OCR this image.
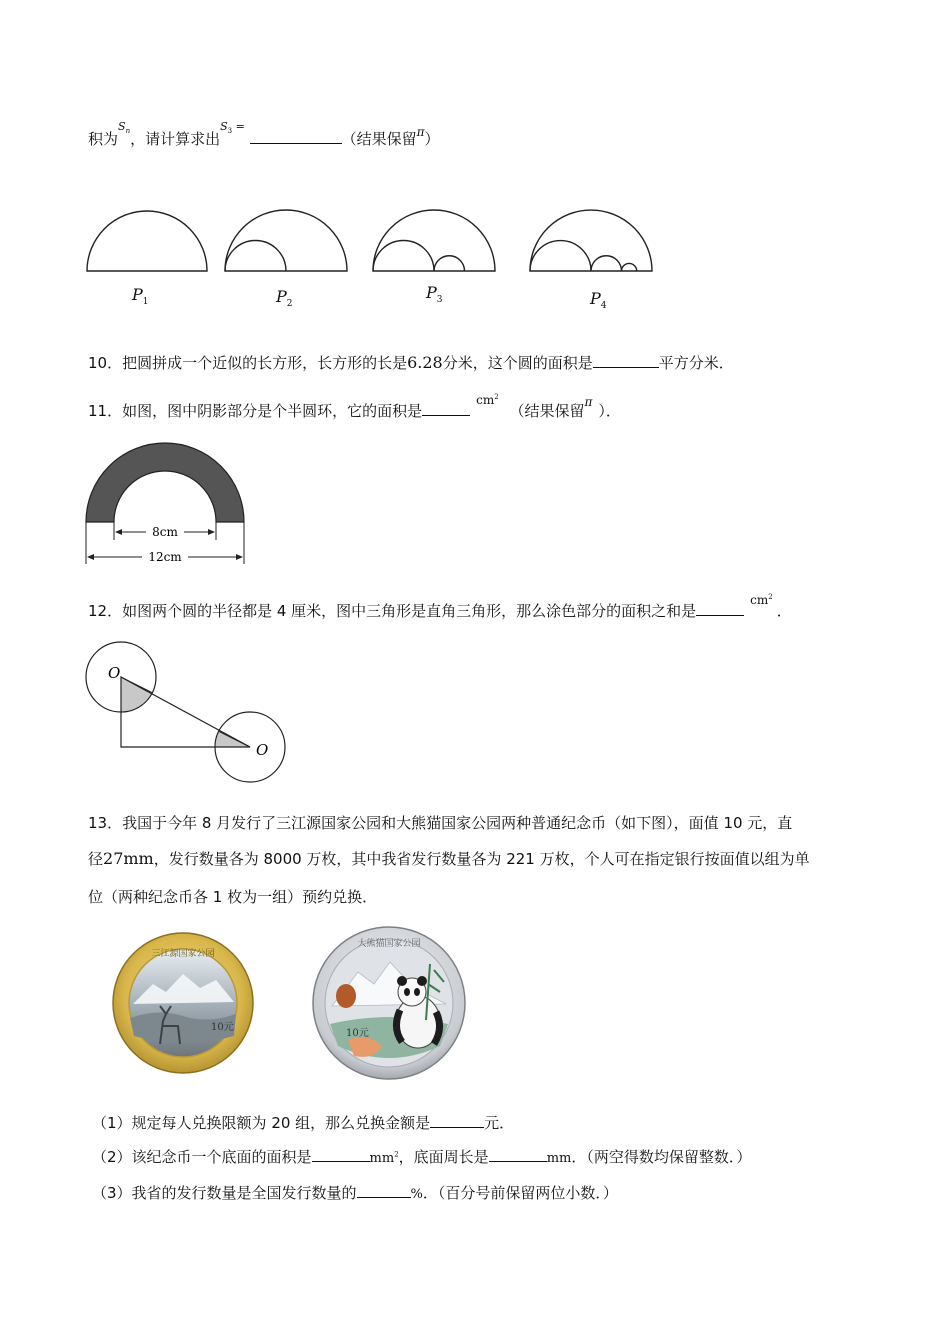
积为$^{S_n}$，请计算求出$^{S_3 =}$ （结果保留$^\pi$）
$P_1$	$P_2$
$P_3$	$P_4$
10．把圆拼成一个近似的长方形，长方形的长是6.28分米，这个圆的面积是	平方分米．
11．如图，图中阴影部分是个半圆环，它的面积是$^{cm^2}$ （结果保留$^\pi$ ）．
8cm
12cm
12．如图两个圆的半径都是 4 厘米，图中三角形是直角三角形，那么涂色部分的面积之和是$^{cm^2}$．
O
O
13．我国于今年 8 月发行了三江源国家公园和大熊猫国家公园两种普通纪念币（如下图），面值 10 元，直
径27mm，发行数量各为 8000 万枚，其中我省发行数量各为 221 万枚，个人可在指定银行按面值以组为单
位（两种纪念币各 1 枚为一组）预约兑换．
三江源国家公园
10元
大熊猫国家公园
10元
（1）规定每人兑换限额为 20 组，那么兑换金额是	元．
（2）该纪念币一个底面的面积是	$mm^2$，底面周长是	mm．（两空得数均保留整数．）
（3）我省的发行数量是全国发行数量的	%．（百分号前保留两位小数．）
